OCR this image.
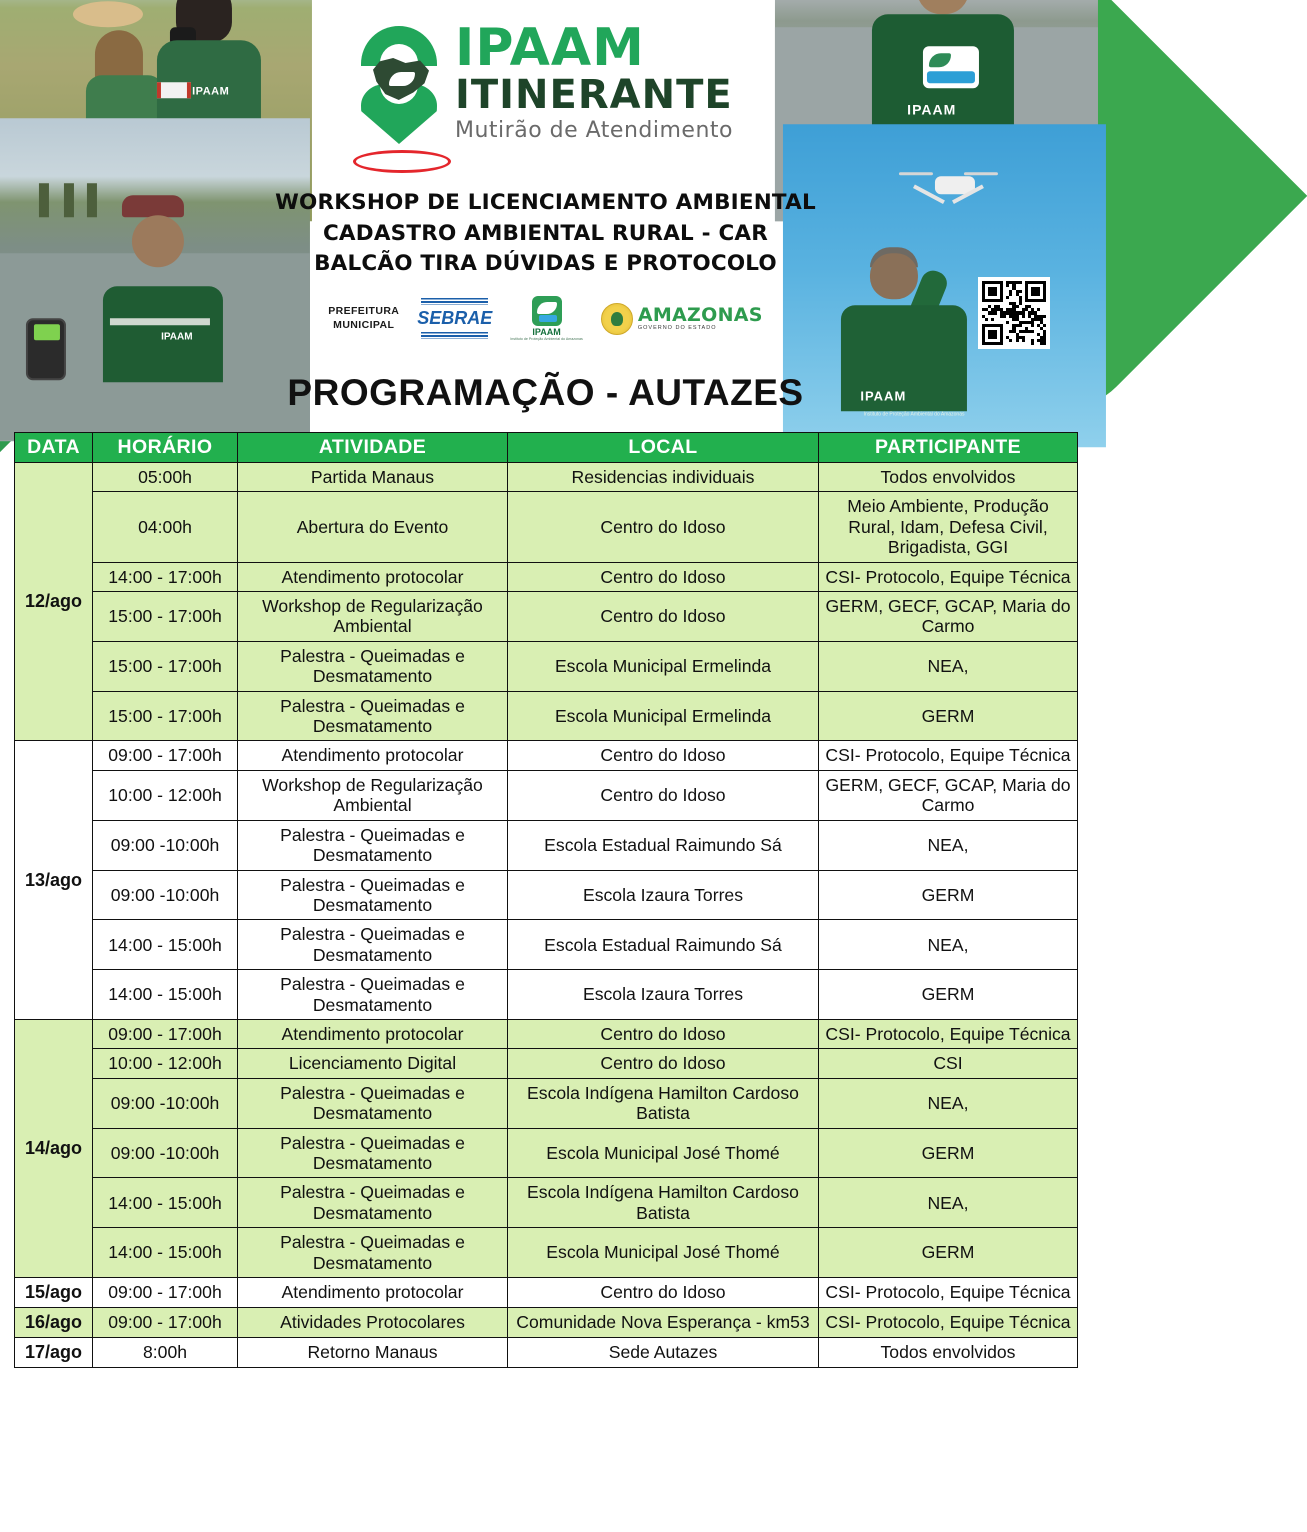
IPAAM
IPAAM
IPAAM
IPAAM
Instituto de Proteção Ambiental do Amazonas
IPAAM
ITINERANTE
Mutirão de Atendimento
WORKSHOP DE LICENCIAMENTO AMBIENTAL
CADASTRO AMBIENTAL RURAL - CAR
BALCÃO TIRA DÚVIDAS E PROTOCOLO
PREFEITURA
MUNICIPAL SEBRAE
IPAAM
Instituto de Proteção Ambiental do Amazonas
AMAZONAS
GOVERNO DO ESTADO
PROGRAMAÇÃO - AUTAZES
DATA	HORÁRIO	ATIVIDADE	LOCAL	PARTICIPANTE
12/ago	05:00h	Partida Manaus	Residencias individuais	Todos envolvidos
	04:00h	Abertura do Evento	Centro do Idoso	Meio Ambiente, Produção Rural, Idam, Defesa Civil, Brigadista, GGI
	14:00 - 17:00h	Atendimento protocolar	Centro do Idoso	CSI- Protocolo, Equipe Técnica
	15:00 - 17:00h	Workshop de Regularização Ambiental	Centro do Idoso	GERM, GECF, GCAP, Maria do Carmo
	15:00 - 17:00h	Palestra - Queimadas e Desmatamento	Escola Municipal Ermelinda	NEA,
	15:00 - 17:00h	Palestra - Queimadas e Desmatamento	Escola Municipal Ermelinda	GERM
13/ago	09:00 - 17:00h	Atendimento protocolar	Centro do Idoso	CSI- Protocolo, Equipe Técnica
	10:00 - 12:00h	Workshop de Regularização Ambiental	Centro do Idoso	GERM, GECF, GCAP, Maria do Carmo
	09:00 -10:00h	Palestra - Queimadas e Desmatamento	Escola Estadual Raimundo Sá	NEA,
	09:00 -10:00h	Palestra - Queimadas e Desmatamento	Escola Izaura Torres	GERM
	14:00 - 15:00h	Palestra - Queimadas e Desmatamento	Escola Estadual Raimundo Sá	NEA,
	14:00 - 15:00h	Palestra - Queimadas e Desmatamento	Escola Izaura Torres	GERM
14/ago	09:00 - 17:00h	Atendimento protocolar	Centro do Idoso	CSI- Protocolo, Equipe Técnica
	10:00 - 12:00h	Licenciamento Digital	Centro do Idoso	CSI
	09:00 -10:00h	Palestra - Queimadas e Desmatamento	Escola Indígena Hamilton Cardoso Batista	NEA,
	09:00 -10:00h	Palestra - Queimadas e Desmatamento	Escola Municipal José Thomé	GERM
	14:00 - 15:00h	Palestra - Queimadas e Desmatamento	Escola Indígena Hamilton Cardoso Batista	NEA,
	14:00 - 15:00h	Palestra - Queimadas e Desmatamento	Escola Municipal José Thomé	GERM
15/ago	09:00 - 17:00h	Atendimento protocolar	Centro do Idoso	CSI- Protocolo, Equipe Técnica
16/ago	09:00 - 17:00h	Atividades Protocolares	Comunidade Nova Esperança - km53	CSI- Protocolo, Equipe Técnica
17/ago	8:00h	Retorno Manaus	Sede Autazes	Todos envolvidos
